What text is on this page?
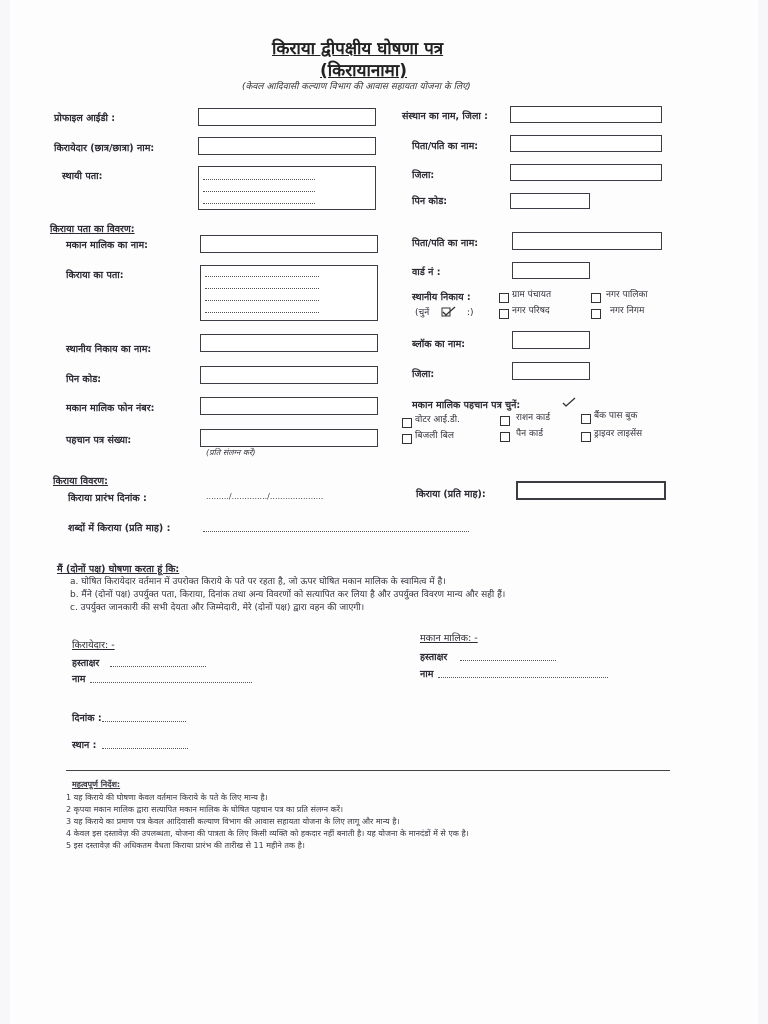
किराया द्वीपक्षीय घोषणा पत्र
(किरायानामा)
(केवल आदिवासी कल्याण विभाग की आवास सहायता योजना के लिए)
प्रोफाइल आईडी :	संस्थान का नाम, जिला :
किरायेदार (छात्र/छात्रा) नाम:	पिता/पति का नाम:
स्थायी पता:	जिला:
पिन कोड:
किराया पता का विवरण:
मकान मालिक का नाम:	पिता/पति का नाम:
किराया का पता:	वार्ड नं :
स्थानीय निकाय :	ग्राम पंचायत	नगर पालिका
(चुनें	:)	नगर परिषद	नगर निगम
स्थानीय निकाय का नाम:	ब्लॉक का नाम:
पिन कोड:	जिला:
मकान मालिक फोन नंबर:	मकान मालिक पहचान पत्र चुनें:
वोटर आई.डी.	राशन कार्ड	बैंक पास बुक
पहचान पत्र संख्या:
(प्रति संलग्न करें)
बिजली बिल	पैन कार्ड	ड्राइवर लाइसेंस
किराया विवरण:
किराया प्रारंभ दिनांक :	........./............../.....................	किराया (प्रति माह):
शब्दों में किराया (प्रति माह) :
मैं (दोनों पक्ष) घोषणा करता हूं कि:
a. घोषित किरायेदार वर्तमान में उपरोक्त किराये के पते पर रहता है, जो ऊपर घोषित मकान मालिक के स्वामित्व में है।
b. मैंने (दोनों पक्ष) उपर्युक्त पता, किराया, दिनांक तथा अन्य विवरणों को सत्यापित कर लिया है और उपर्युक्त विवरण मान्य और सही हैं।
c. उपर्युक्त जानकारी की सभी देयता और जिम्मेदारी, मेरे (दोनों पक्ष) द्वारा वहन की जाएगी।
किरायेदार: -
हस्ताक्षर
नाम
मकान मालिक: -
हस्ताक्षर
नाम
दिनांक :
स्थान :
महत्वपूर्ण निर्देश:
1 यह किराये की घोषणा केवल वर्तमान किराये के पते के लिए मान्य है।
2 कृपया मकान मालिक द्वारा सत्यापित मकान मालिक के घोषित पहचान पत्र का प्रति संलग्न करें।
3 यह किराये का प्रमाण पत्र केवल आदिवासी कल्याण विभाग की आवास सहायता योजना के लिए लागू और मान्य है।
4 केवल इस दस्तावेज़ की उपलब्धता, योजना की पात्रता के लिए किसी व्यक्ति को हकदार नहीं बनाती है। यह योजना के मानदंडों में से एक है।
5 इस दस्तावेज़ की अधिकतम वैधता किराया प्रारंभ की तारीख से 11 महीने तक है।
